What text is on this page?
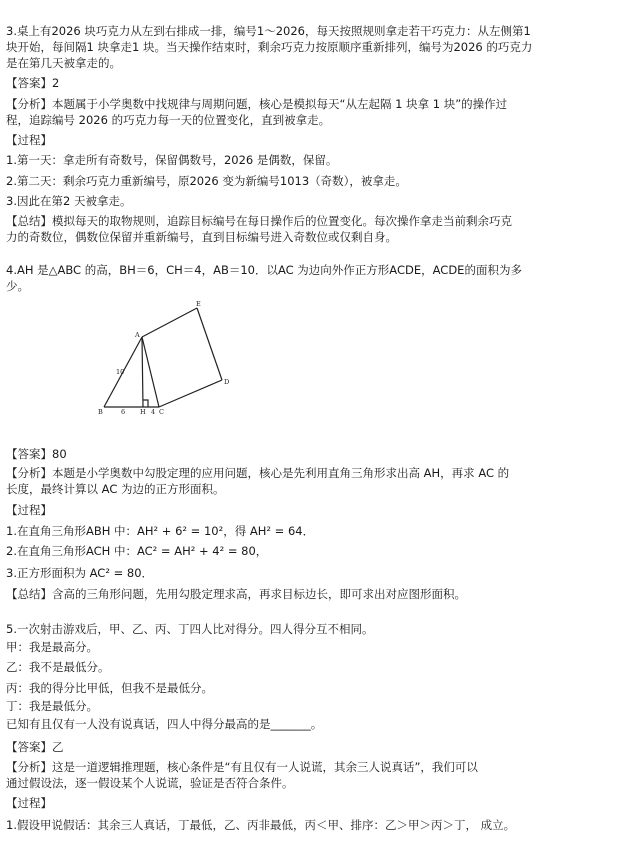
3.桌上有2026 块巧克力从左到右排成一排，编号1～2026，每天按照规则拿走若干巧克力：从左侧第1
块开始，每间隔1 块拿走1 块。当天操作结束时，剩余巧克力按原顺序重新排列，编号为2026 的巧克力
是在第几天被拿走的。
【答案】2
【分析】本题属于小学奥数中找规律与周期问题，核心是模拟每天“从左起隔 1 块拿 1 块”的操作过
程，追踪编号 2026 的巧克力每一天的位置变化，直到被拿走。
【过程】
1.第一天：拿走所有奇数号，保留偶数号，2026 是偶数，保留。
2.第二天：剩余巧克力重新编号，原2026 变为新编号1013（奇数），被拿走。
3.因此在第2 天被拿走。
【总结】模拟每天的取物规则，追踪目标编号在每日操作后的位置变化。每次操作拿走当前剩余巧克
力的奇数位，偶数位保留并重新编号，直到目标编号进入奇数位或仅剩自身。
4.AH 是△ABC 的高，BH＝6，CH＝4，AB＝10．以AC 为边向外作正方形ACDE，ACDE的面积为多
少。
A
B	H C
D
E
10
6	4
【答案】80
【分析】本题是小学奥数中勾股定理的应用问题，核心是先利用直角三角形求出高 AH，再求 AC 的
长度，最终计算以 AC 为边的正方形面积。
【过程】
1.在直角三角形ABH 中：AH² + 6² = 10²，得 AH² = 64．
2.在直角三角形ACH 中：AC² = AH² + 4² = 80，
3.正方形面积为 AC² = 80．
【总结】含高的三角形问题，先用勾股定理求高，再求目标边长，即可求出对应图形面积。
5.一次射击游戏后，甲、乙、丙、丁四人比对得分。四人得分互不相同。
甲：我是最高分。
乙：我不是最低分。
丙：我的得分比甲低，但我不是最低分。
丁：我是最低分。
已知有且仅有一人没有说真话，四人中得分最高的是_______。
【答案】乙
【分析】这是一道逻辑推理题，核心条件是“有且仅有一人说谎，其余三人说真话”，我们可以
通过假设法，逐一假设某个人说谎，验证是否符合条件。
【过程】
1.假设甲说假话：其余三人真话，丁最低，乙、丙非最低，丙＜甲、排序：乙＞甲＞丙＞丁， 成立。
